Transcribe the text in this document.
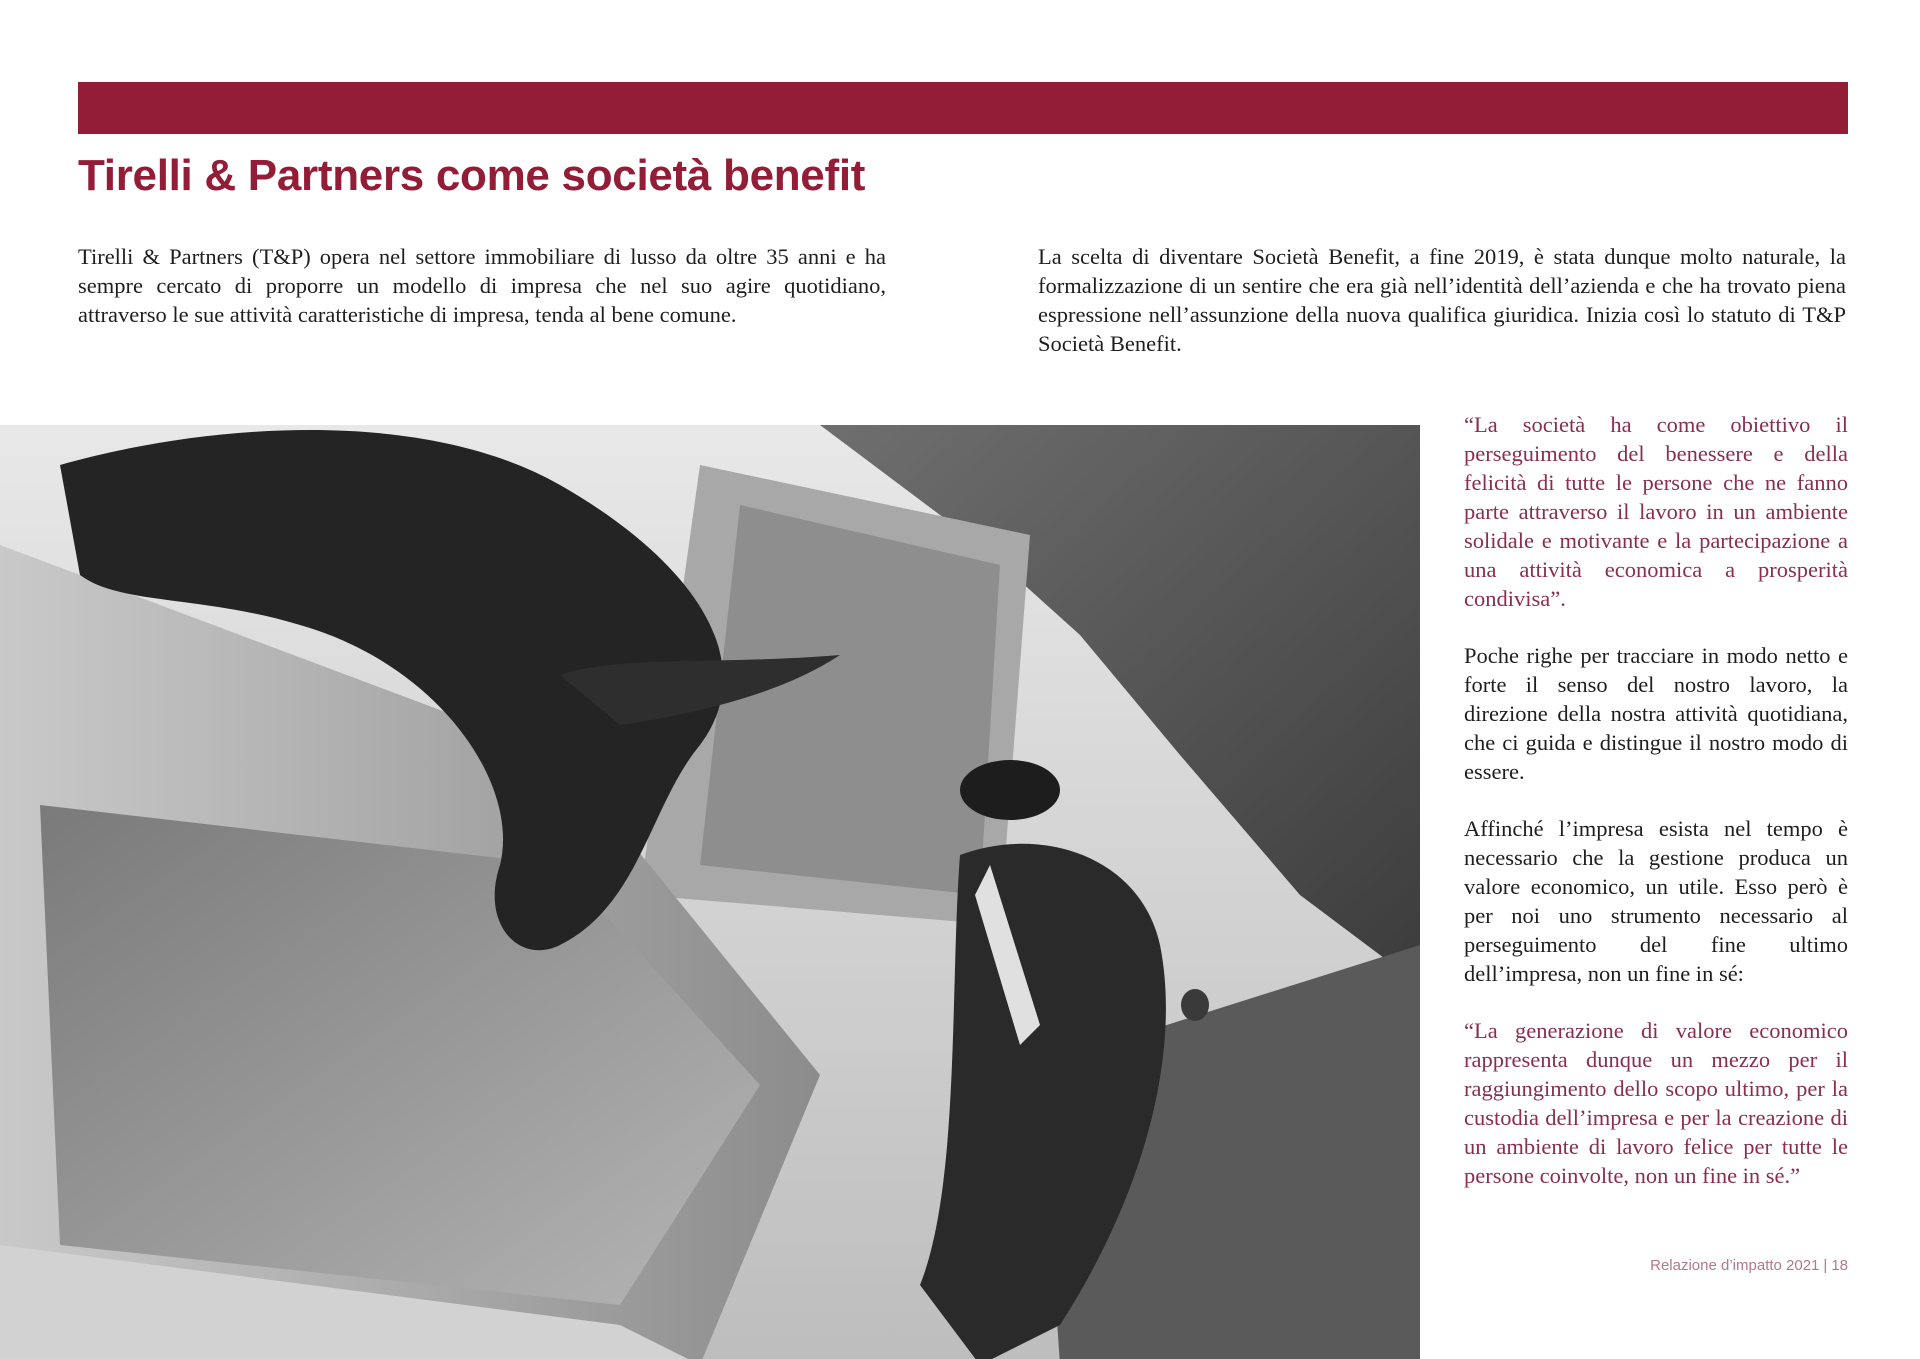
Tirelli & Partners come società benefit

Tirelli & Partners (T&P) opera nel settore immobiliare di lusso da oltre 35 anni e ha sempre cercato di proporre un modello di impresa che nel suo agire quotidiano, attraverso le sue attività caratteristiche di impresa, tenda al bene comune.

La scelta di diventare Società Benefit, a fine 2019, è stata dunque molto naturale, la formalizzazione di un sentire che era già nell’identità dell’azienda e che ha trovato piena espressione nell’assunzione della nuova qualifica giuridica. Inizia così lo statuto di T&P Società Benefit.

“La società ha come obiettivo il perseguimento del benessere e della felicità di tutte le persone che ne fanno parte attraverso il lavoro in un ambiente solidale e motivante e la partecipazione a una attività economica a prosperità condivisa”.

Poche righe per tracciare in modo netto e forte il senso del nostro lavoro, la direzione della nostra attività quotidiana, che ci guida e distingue il nostro modo di essere.

Affinché l’impresa esista nel tempo è necessario che la gestione produca un valore economico, un utile. Esso però è per noi uno strumento necessario al perseguimento del fine ultimo dell’impresa, non un fine in sé:

“La generazione di valore economico rappresenta dunque un mezzo per il raggiungimento dello scopo ultimo, per la custodia dell’impresa e per la creazione di un ambiente di lavoro felice per tutte le persone coinvolte, non un fine in sé.”

Relazione d’impatto 2021 | 18
